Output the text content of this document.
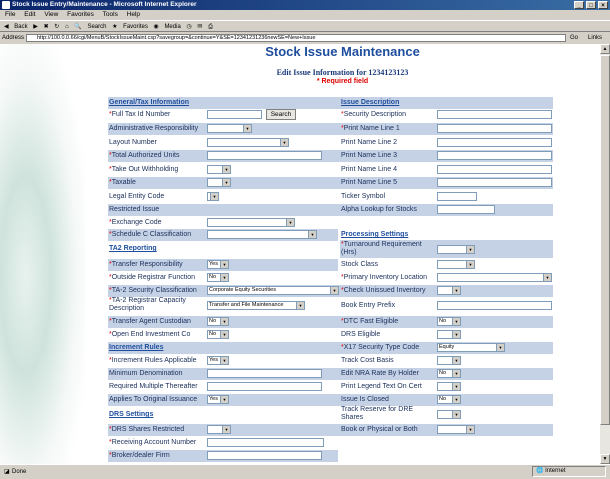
Stock Issue Entry/Maintenance - Microsoft Internet Explorer	_	□	×
File Edit View Favorites Tools Help
◀ Back ▶ ✖ ↻ ⌂ 🔍 Search ★ Favorites ◉ Media ◷ ✉ ⎙
Address	http://100.0.0.66/cgi/MenuB/StockIssueMaint.csp?savegroup=&continue=Y&SE=12341231236newSE=New+Issue	Go Links
Stock Issue Maintenance
Edit Issue Information for 1234123123
* Required field
General/Tax Information	Issue Description
*Full Tax Id Number	Search	*Security Description
Administrative Responsibility	▼	*Print Name Line 1
Layout Number	▼	Print Name Line 2
*Total Authorized Units	Print Name Line 3
*Take Out Withholding	▼	Print Name Line 4
*Taxable	▼	Print Name Line 5
Legal Entity Code	▼	Ticker Symbol
Restricted Issue	Alpha Lookup for Stocks
*Exchange Code	▼
*Schedule C Classification	▼	Processing Settings
TA2 Reporting
*Turnaround Requirement (Hrs)	▼
*Transfer Responsibility	Yes	▼	Stock Class	▼
*Outside Registrar Function	No	▼	*Primary Inventory Location	▼
*TA-2 Security Classification	Corporate Equity Securities	▼ *Check Unissued Inventory	▼
*TA-2 Registrar Capacity Description	Transfer and File Maintenance	▼	Book Entry Prefix
*Transfer Agent Custodian	No	▼	*DTC Fast Eligible	No	▼
*Open End Investment Co	No	▼	DRS Eligible	▼
Increment Rules	*X17 Security Type Code	Equity	▼
*Increment Rules Applicable	Yes	▼	Track Cost Basis	▼
Minimum Denomination	Edit NRA Rate By Holder	No	▼
Required Multiple Thereafter	Print Legend Text On Cert	▼
Applies To Original Issuance	Yes	▼	Issue Is Closed	No	▼
DRS Settings
Track Reserve for DRE Shares	▼
*DRS Shares Restricted	▼	Book or Physical or Both	▼
*Receiving Account Number
*Broker/dealer Firm
▲
▼
◪ Done	🌐 Internet
